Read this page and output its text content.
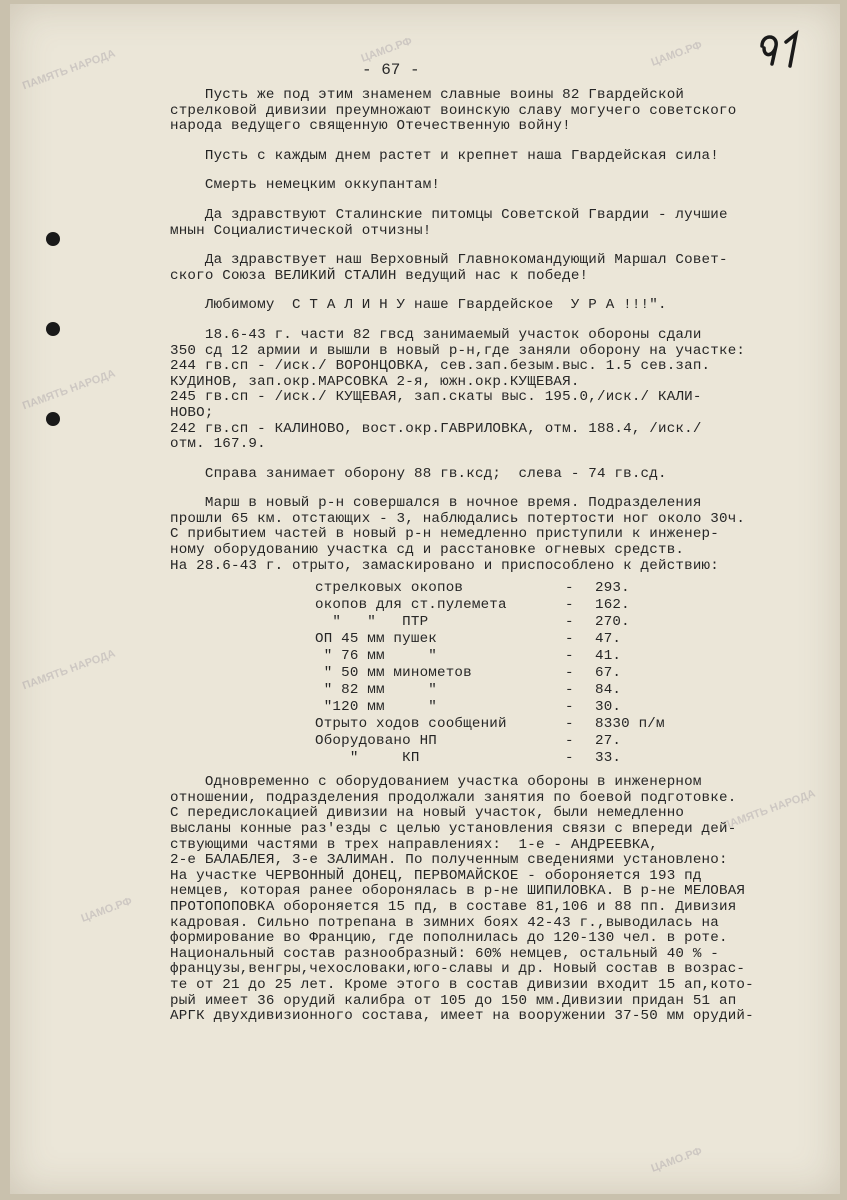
- 67 -
ПАМЯТЬ НАРОДА	ЦАМО.РФ	ЦАМО.РФ
ПАМЯТЬ НАРОДА
ПАМЯТЬ НАРОДА
ПАМЯТЬ НАРОДА
ЦАМО.РФ
ЦАМО.РФ
Пусть же под этим знаменем славные воины 82 Гвардейской
стрелковой дивизии преумножают воинскую славу могучего советского
народа ведущего священную Отечественную войну!
Пусть с каждым днем растет и крепнет наша Гвардейская сила!
Смерть немецким оккупантам!
Да здравствуют Сталинские питомцы Советской Гвардии - лучшие
мнын Социалистической отчизны!
Да здравствует наш Верховный Главнокомандующий Маршал Совет-
ского Союза ВЕЛИКИЙ СТАЛИН ведущий нас к победе!
Любимому  С Т А Л И Н У наше Гвардейское  У Р А !!!".
18.6-43 г. части 82 гвсд занимаемый участок обороны сдали
350 сд 12 армии и вышли в новый р-н,где заняли оборону на участке:
244 гв.сп - /иск./ ВОРОНЦОВКА, сев.зап.безым.выс. 1.5 сев.зап.
КУДИНОВ, зап.окр.МАРСОВКА 2-я, южн.окр.КУЩЕВАЯ.
245 гв.сп - /иск./ КУЩЕВАЯ, зап.скаты выс. 195.0,/иск./ КАЛИ-
НОВО;
242 гв.сп - КАЛИНОВО, вост.окр.ГАВРИЛОВКА, отм. 188.4, /иск./
отм. 167.9.
Справа занимает оборону 88 гв.ксд;  слева - 74 гв.сд.
Марш в новый р-н совершался в ночное время. Подразделения
прошли 65 км. отстающих - 3, наблюдались потертости ног около 30ч.
С прибытием частей в новый р-н немедленно приступили к инженер-
ному оборудованию участка сд и расстановке огневых средств.
На 28.6-43 г. отрыто, замаскировано и приспособлено к действию:
стрелковых окопов	-	293.
окопов для ст.пулемета	-	162.
"   "   ПТР	-	270.
ОП 45 мм пушек	-	47.
" 76 мм     "	-	41.
" 50 мм минометов	-	67.
" 82 мм     "	-	84.
"120 мм     "	-	30.
Отрыто ходов сообщений	-	8330 п/м
Оборудовано НП	-	27.
"     КП	-	33.
Одновременно с оборудованием участка обороны в инженерном
отношении, подразделения продолжали занятия по боевой подготовке.
С передислокацией дивизии на новый участок, были немедленно
высланы конные раз'езды с целью установления связи с впереди дей-
ствующими частями в трех направлениях:  1-е - АНДРЕЕВКА,
2-е БАЛАБЛЕЯ, 3-е ЗАЛИМАН. По полученным сведениями установлено:
На участке ЧЕРВОННЫЙ ДОНЕЦ, ПЕРВОМАЙСКОЕ - обороняется 193 пд
немцев, которая ранее оборонялась в р-не ШИПИЛОВКА. В р-не МЕЛОВАЯ
ПРОТОПОПОВКА обороняется 15 пд, в составе 81,106 и 88 пп. Дивизия
кадровая. Сильно потрепана в зимних боях 42-43 г.,выводилась на
формирование во Францию, где пополнилась до 120-130 чел. в роте.
Национальный состав разнообразный: 60% немцев, остальный 40 % -
французы,венгры,чехословаки,юго-славы и др. Новый состав в возрас-
те от 21 до 25 лет. Кроме этого в состав дивизии входит 15 ап,кото-
рый имеет 36 орудий калибра от 105 до 150 мм.Дивизии придан 51 ап
АРГК двухдивизионного состава, имеет на вооружении 37-50 мм орудий-
